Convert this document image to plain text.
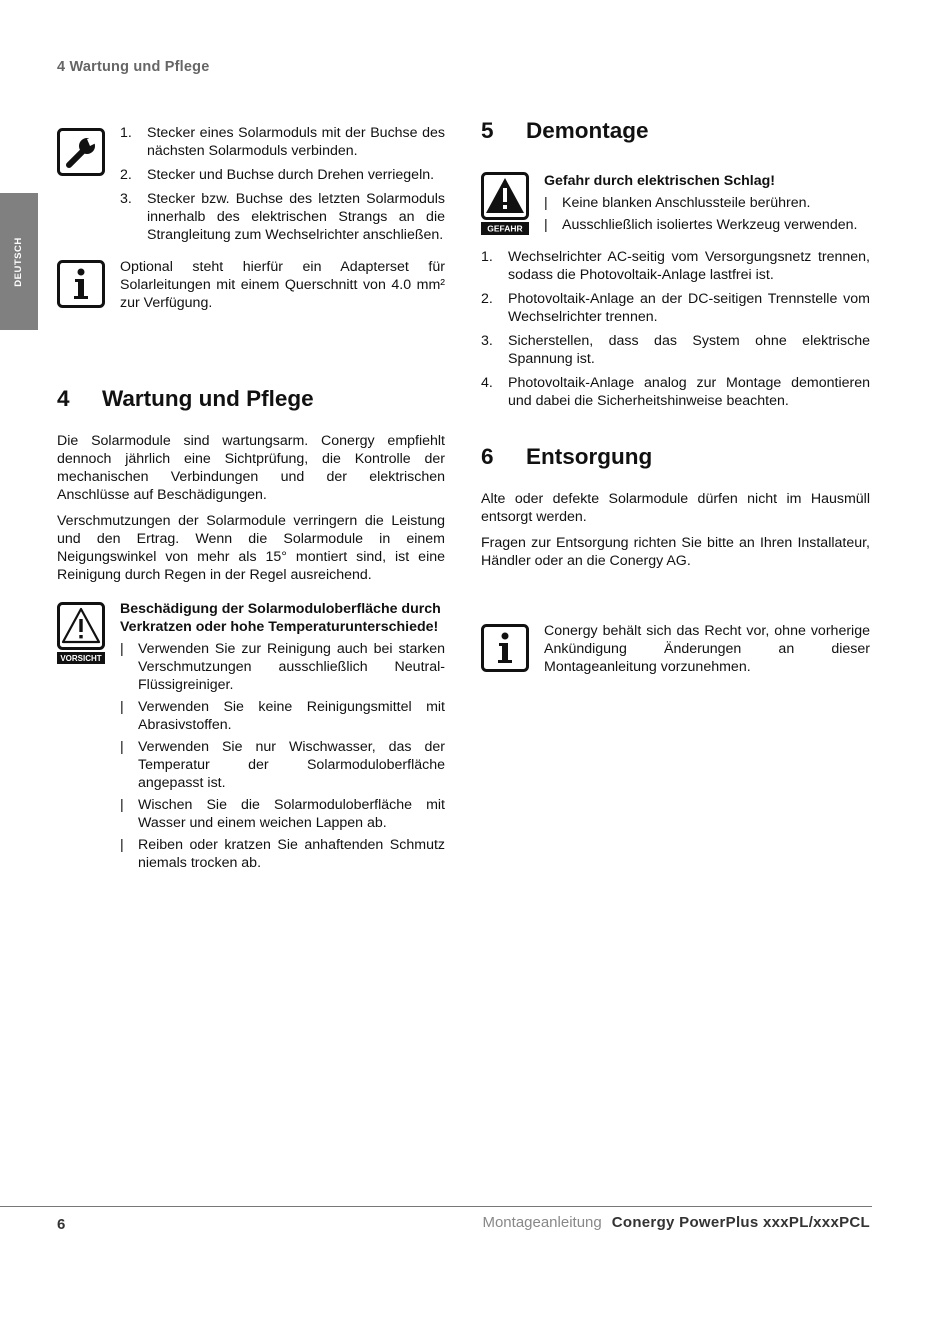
4 Wartung und Pflege
DEUTSCH
1. Stecker eines Solarmoduls mit der Buchse des nächsten Solarmoduls verbinden.
2. Stecker und Buchse durch Drehen verriegeln.
3. Stecker bzw. Buchse des letzten Solarmoduls innerhalb des elektrischen Strangs an die Strangleitung zum Wechselrichter anschließen.

Optional steht hierfür ein Adapterset für Solarleitungen mit einem Querschnitt von 4.0 mm² zur Verfügung.

4	Wartung und Pflege

Die Solarmodule sind wartungsarm. Conergy empfiehlt dennoch jährlich eine Sichtprüfung, die Kontrolle der mechanischen Verbindungen und der elektrischen Anschlüsse auf Beschädigungen.

Verschmutzungen der Solarmodule verringern die Leistung und den Ertrag. Wenn die Solarmodule in einem Neigungswinkel von mehr als 15° montiert sind, ist eine Reinigung durch Regen in der Regel ausreichend.

VORSICHT
Beschädigung der Solarmoduloberfläche durch Verkratzen oder hohe Temperaturunterschiede!
| Verwenden Sie zur Reinigung auch bei starken Verschmutzungen ausschließlich Neutral-Flüssigreiniger.
| Verwenden Sie keine Reinigungsmittel mit Abrasivstoffen.
| Verwenden Sie nur Wischwasser, das der Temperatur der Solarmoduloberfläche angepasst ist.
| Wischen Sie die Solarmoduloberfläche mit Wasser und einem weichen Lappen ab.
| Reiben oder kratzen Sie anhaftenden Schmutz niemals trocken ab.
5	Demontage
GEFAHR
Gefahr durch elektrischen Schlag!
| Keine blanken Anschlussteile berühren.
| Ausschließlich isoliertes Werkzeug verwenden.
1. Wechselrichter AC-seitig vom Versorgungsnetz trennen, sodass die Photovoltaik-Anlage lastfrei ist.
2. Photovoltaik-Anlage an der DC-seitigen Trennstelle vom Wechselrichter trennen.
3. Sicherstellen, dass das System ohne elektrische Spannung ist.
4. Photovoltaik-Anlage analog zur Montage demontieren und dabei die Sicherheitshinweise beachten.
6	Entsorgung

Alte oder defekte Solarmodule dürfen nicht im Hausmüll entsorgt werden.

Fragen zur Entsorgung richten Sie bitte an Ihren Installateur, Händler oder an die Conergy AG.

Conergy behält sich das Recht vor, ohne vorherige Ankündigung Änderungen an dieser Montageanleitung vorzunehmen.

6	Montageanleitung Conergy PowerPlus xxxPL/xxxPCL
